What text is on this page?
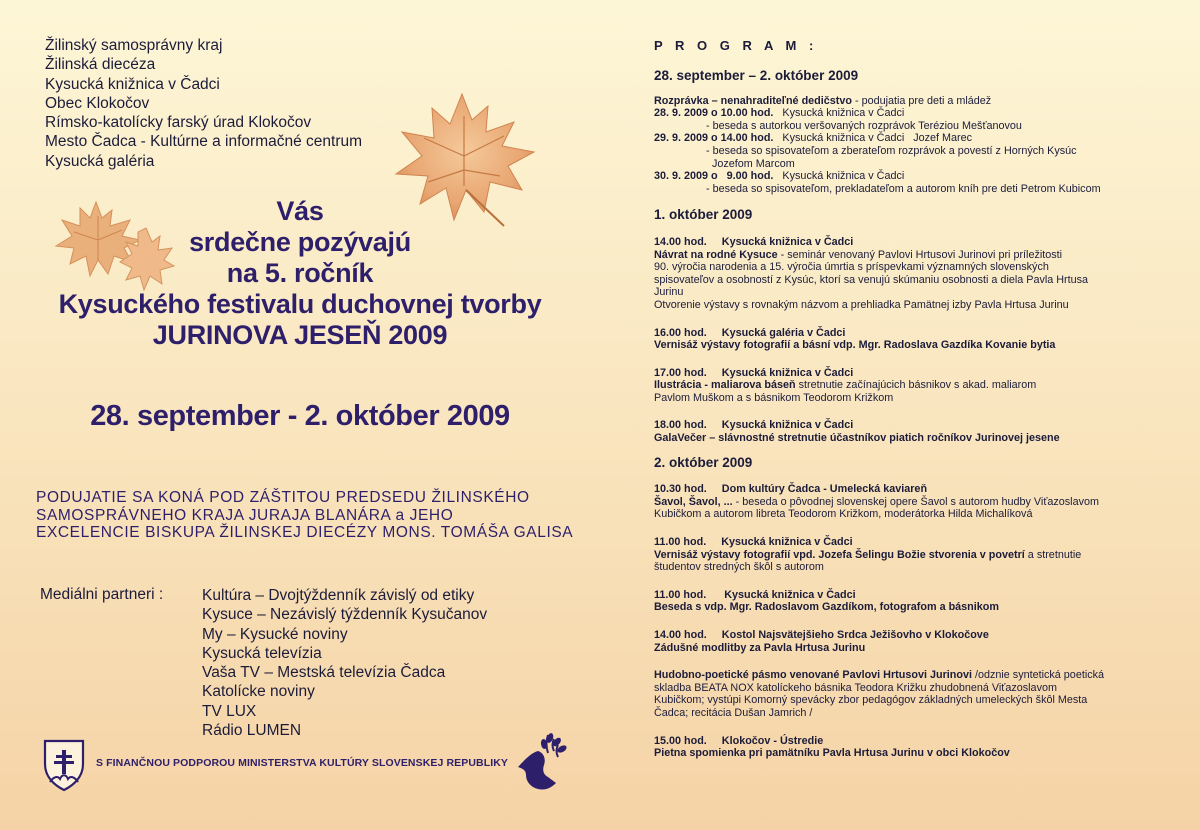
Žilinský samosprávny kraj
Žilinská diecéza
Kysucká knižnica v Čadci
Obec Klokočov
Rímsko-katolícky farský úrad Klokočov
Mesto Čadca - Kultúrne a informačné centrum
Kysucká galéria
Vás
srdečne pozývajú
na 5. ročník
Kysuckého festivalu duchovnej tvorby
JURINOVA JESEŇ 2009
28. september - 2. október 2009
PODUJATIE SA KONÁ POD ZÁŠTITOU PREDSEDU ŽILINSKÉHO
SAMOSPRÁVNEHO KRAJA JURAJA BLANÁRA a JEHO
EXCELENCIE BISKUPA ŽILINSKEJ DIECÉZY MONS. TOMÁŠA GALISA
Mediálni partneri :	Kultúra – Dvojtýždenník závislý od etiky
Kysuce – Nezávislý týždenník Kysučanov
My – Kysucké noviny
Kysucká televízia
Vaša TV – Mestská televízia Čadca
Katolícke noviny
TV LUX
Rádio LUMEN
S FINANČNOU PODPOROU MINISTERSTVA KULTÚRY SLOVENSKEJ REPUBLIKY
P R O G R A M :
28. september – 2. október 2009
Rozprávka – nenahraditeľné dedičstvo - podujatia pre deti a mládež
28. 9. 2009 o 10.00 hod.   Kysucká knižnica v Čadci
- beseda s autorkou veršovaných rozprávok Teréziou Mešťanovou
29. 9. 2009 o 14.00 hod.   Kysucká knižnica v Čadci   Jozef Marec
- beseda so spisovateľom a zberateľom rozprávok a povestí z Horných Kysúc
Jozefom Marcom
30. 9. 2009 o   9.00 hod.   Kysucká knižnica v Čadci
- beseda so spisovateľom, prekladateľom a autorom kníh pre deti Petrom Kubicom
1. október 2009
14.00 hod.     Kysucká knižnica v Čadci
Návrat na rodné Kysuce - seminár venovaný Pavlovi Hrtusovi Jurinovi pri príležitosti
90. výročia narodenia a 15. výročia úmrtia s príspevkami významných slovenských
spisovateľov a osobností z Kysúc, ktorí sa venujú skúmaniu osobnosti a diela Pavla Hrtusa
Jurinu
Otvorenie výstavy s rovnakým názvom a prehliadka Pamätnej izby Pavla Hrtusa Jurinu
16.00 hod.     Kysucká galéria v Čadci
Vernisáž výstavy fotografií a básní vdp. Mgr. Radoslava Gazdíka Kovanie bytia
17.00 hod.     Kysucká knižnica v Čadci
Ilustrácia - maliarova báseň stretnutie začínajúcich básnikov s akad. maliarom
Pavlom Muškom a s básnikom Teodorom Križkom
18.00 hod.     Kysucká knižnica v Čadci
GalaVečer – slávnostné stretnutie účastníkov piatich ročníkov Jurinovej jesene
2. október 2009
10.30 hod.     Dom kultúry Čadca - Umelecká kaviareň
Šavol, Šavol, ... - beseda o pôvodnej slovenskej opere Šavol s autorom hudby Viťazoslavom
Kubičkom a autorom libreta Teodorom Križkom, moderátorka Hilda Michalíková
11.00 hod.     Kysucká knižnica v Čadci
Vernisáž výstavy fotografií vpd. Jozefa Šelingu Božie stvorenia v povetrí a stretnutie
študentov stredných škôl s autorom
11.00 hod.      Kysucká knižnica v Čadci
Beseda s vdp. Mgr. Radoslavom Gazdíkom, fotografom a básnikom
14.00 hod.     Kostol Najsvätejšieho Srdca Ježišovho v Klokočove
Zádušné modlitby za Pavla Hrtusa Jurinu
Hudobno-poetické pásmo venované Pavlovi Hrtusovi Jurinovi /odznie syntetická poetická
skladba BEATA NOX katolíckeho básnika Teodora Križku zhudobnená Viťazoslavom
Kubičkom; vystúpi Komorný spevácky zbor pedagógov základných umeleckých škôl Mesta
Čadca; recitácia Dušan Jamrich /
15.00 hod.     Klokočov - Ústredie
Pietna spomienka pri pamätníku Pavla Hrtusa Jurinu v obci Klokočov
